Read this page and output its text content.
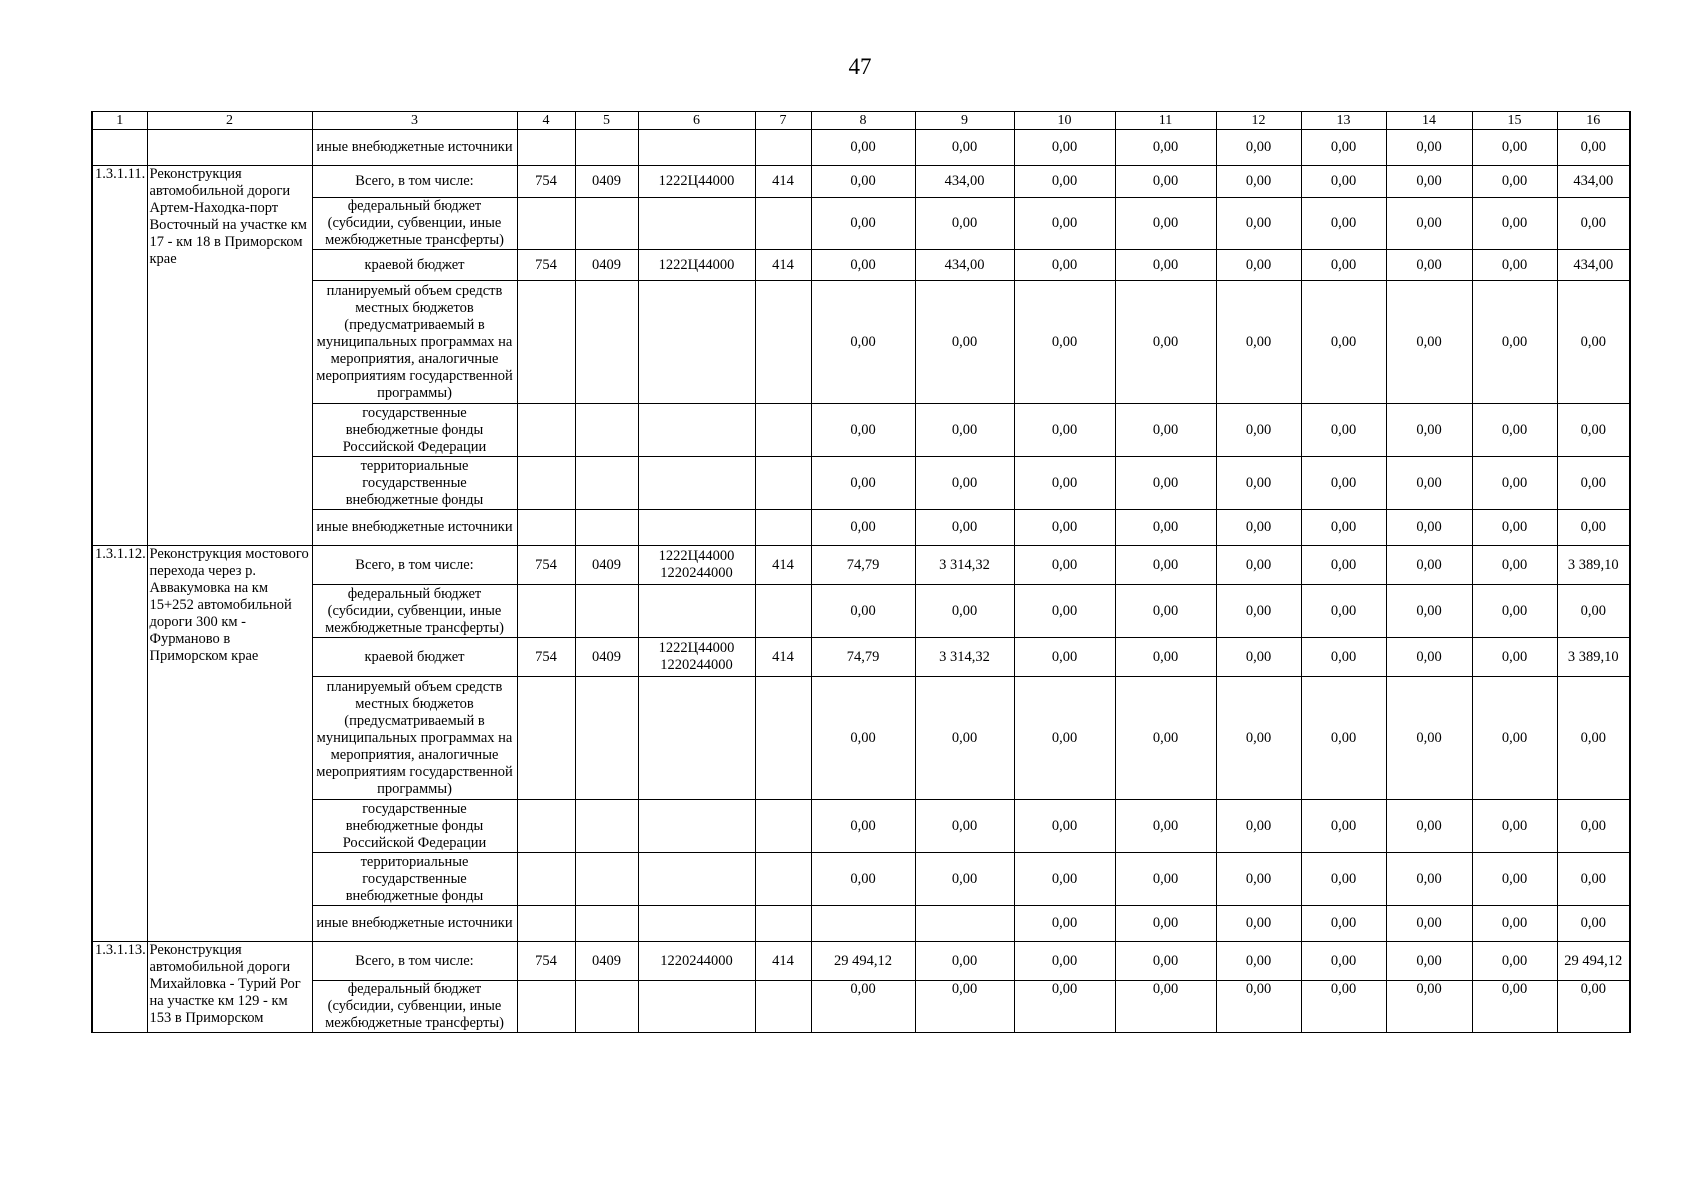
47
1	2	3	4	5	6	7	8	9	10	11	12	13	14	15	16
		иные внебюджетные источники					0,00	0,00	0,00	0,00	0,00	0,00	0,00	0,00	0,00
1.3.1.11.	Реконструкция автомобильной дороги Артем-Находка-порт Восточный на участке км 17 - км 18 в Приморском крае	Всего, в том числе:	754	0409	1222Ц44000	414	0,00	434,00	0,00	0,00	0,00	0,00	0,00	0,00	434,00
		федеральный бюджет (субсидии, субвенции, иные межбюджетные трансферты)					0,00	0,00	0,00	0,00	0,00	0,00	0,00	0,00	0,00
		краевой бюджет	754	0409	1222Ц44000	414	0,00	434,00	0,00	0,00	0,00	0,00	0,00	0,00	434,00
		планируемый объем средств местных бюджетов (предусматриваемый в муниципальных программах на мероприятия, аналогичные мероприятиям государственной программы)					0,00	0,00	0,00	0,00	0,00	0,00	0,00	0,00	0,00
		государственные внебюджетные фонды Российской Федерации					0,00	0,00	0,00	0,00	0,00	0,00	0,00	0,00	0,00
		территориальные государственные внебюджетные фонды					0,00	0,00	0,00	0,00	0,00	0,00	0,00	0,00	0,00
		иные внебюджетные источники					0,00	0,00	0,00	0,00	0,00	0,00	0,00	0,00	0,00
1.3.1.12.	Реконструкция мостового перехода через р. Аввакумовка на км 15+252 автомобильной дороги 300 км - Фурманово в Приморском крае	Всего, в том числе:	754	0409	1222Ц44000 1220244000	414	74,79	3 314,32	0,00	0,00	0,00	0,00	0,00	0,00	3 389,10
		федеральный бюджет (субсидии, субвенции, иные межбюджетные трансферты)					0,00	0,00	0,00	0,00	0,00	0,00	0,00	0,00	0,00
		краевой бюджет	754	0409	1222Ц44000 1220244000	414	74,79	3 314,32	0,00	0,00	0,00	0,00	0,00	0,00	3 389,10
		планируемый объем средств местных бюджетов (предусматриваемый в муниципальных программах на мероприятия, аналогичные мероприятиям государственной программы)					0,00	0,00	0,00	0,00	0,00	0,00	0,00	0,00	0,00
		государственные внебюджетные фонды Российской Федерации					0,00	0,00	0,00	0,00	0,00	0,00	0,00	0,00	0,00
		территориальные государственные внебюджетные фонды					0,00	0,00	0,00	0,00	0,00	0,00	0,00	0,00	0,00
		иные внебюджетные источники							0,00	0,00	0,00	0,00	0,00	0,00	0,00
1.3.1.13.	Реконструкция автомобильной дороги Михайловка - Турий Рог на участке км 129 - км 153 в Приморском	Всего, в том числе:	754	0409	1220244000	414	29 494,12	0,00	0,00	0,00	0,00	0,00	0,00	0,00	29 494,12
		федеральный бюджет (субсидии, субвенции, иные межбюджетные трансферты)					0,00	0,00	0,00	0,00	0,00	0,00	0,00	0,00	0,00
